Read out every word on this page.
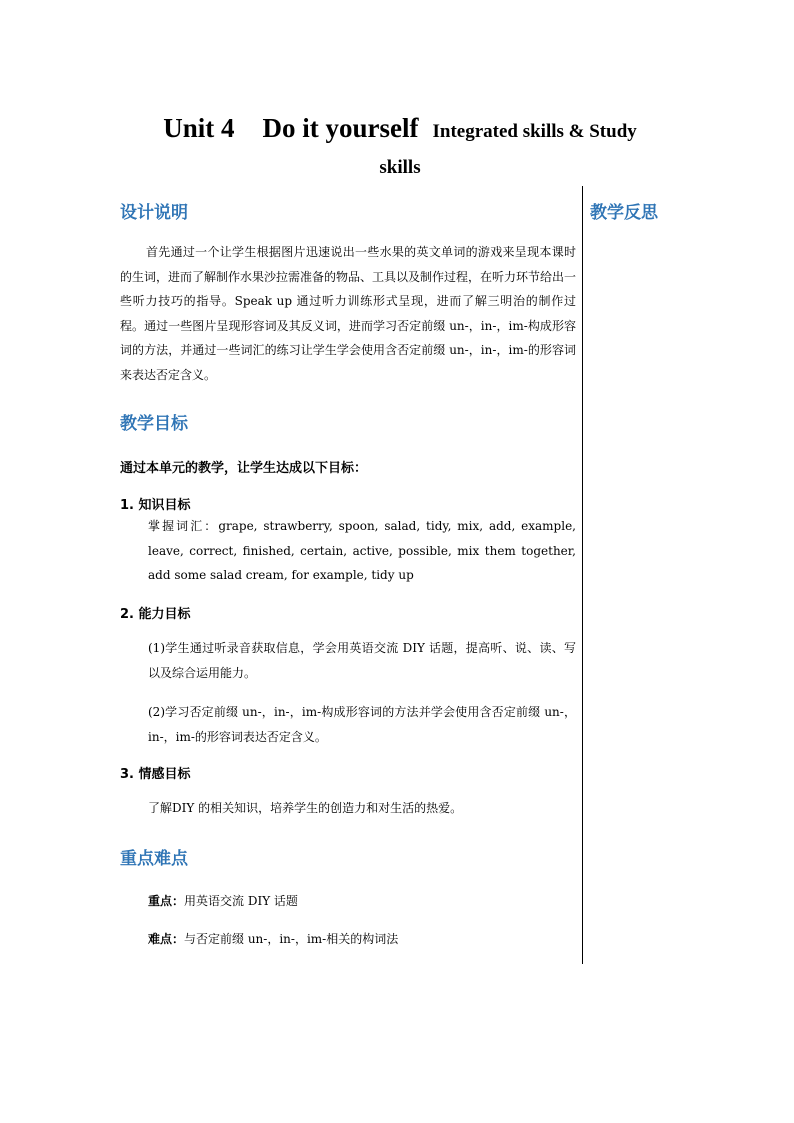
Unit 4 Do it yourself Integrated skills & Study
skills
教学反思
设计说明
首先通过一个让学生根据图片迅速说出一些水果的英文单词的游戏来呈现本课时的生词，进而了解制作水果沙拉需准备的物品、工具以及制作过程，在听力环节给出一些听力技巧的指导。Speak up 通过听力训练形式呈现，进而了解三明治的制作过程。通过一些图片呈现形容词及其反义词，进而学习否定前缀 un-，in-，im-构成形容词的方法，并通过一些词汇的练习让学生学会使用含否定前缀 un-，in-，im-的形容词来表达否定含义。
教学目标
通过本单元的教学，让学生达成以下目标：
1. 知识目标
掌握词汇：grape, strawberry, spoon, salad, tidy, mix, add, example, leave, correct, finished, certain, active, possible, mix them together, add some salad cream, for example, tidy up
2. 能力目标
(1)学生通过听录音获取信息，学会用英语交流 DIY 话题，提高听、说、读、写以及综合运用能力。
(2)学习否定前缀 un-，in-，im-构成形容词的方法并学会使用含否定前缀 un-，in-，im-的形容词表达否定含义。
3. 情感目标
了解DIY 的相关知识，培养学生的创造力和对生活的热爱。
重点难点
重点：用英语交流 DIY 话题
难点：与否定前缀 un-，in-，im-相关的构词法
